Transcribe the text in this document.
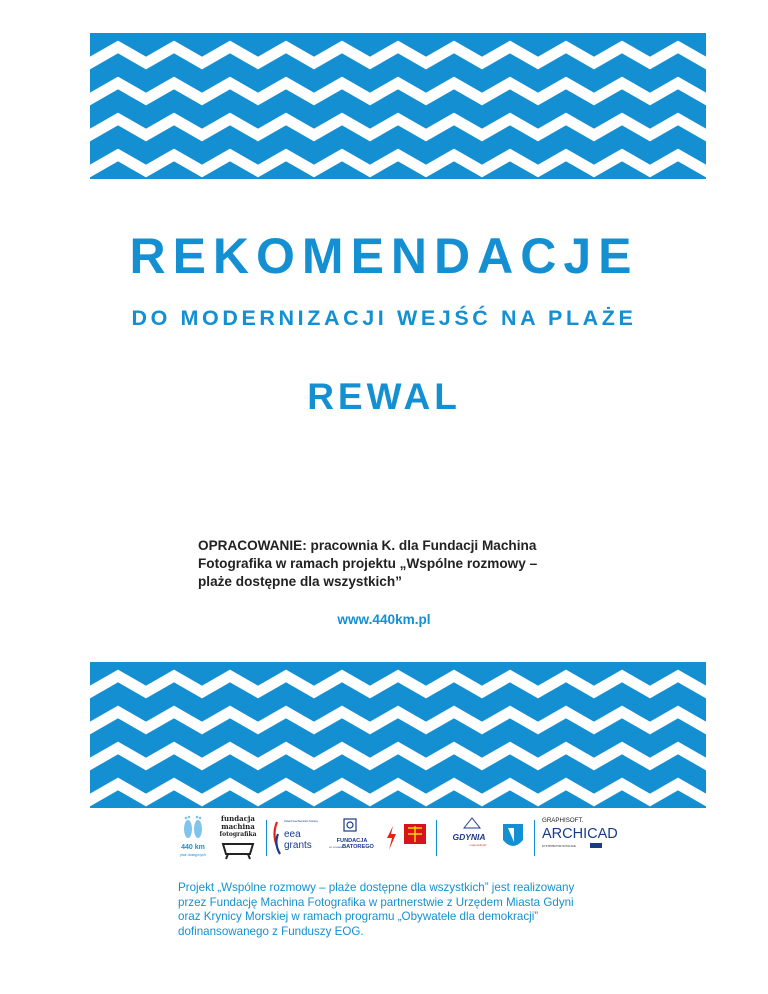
REKOMENDACJE
DO MODERNIZACJI WEJŚĆ NA PLAŻE
REWAL
OPRACOWANIE: pracownia K. dla Fundacji Machina
Fotografika w ramach projektu „Wspólne rozmowy –
plaże dostępne dla wszystkich”
www.440km.pl
440 km
plaż dostępnych
fundacja
machina
fotografika
Iceland Liechtenstein Norway
eea
grants	FUNDACJA
IM. STEFANA BATOREGO
GDYNIA
moja wolność
GRAPHISOFT.
ARCHICAD
DYSTRYBUTOR W POLSCE
Projekt „Wspólne rozmowy – plaże dostępne dla wszystkich” jest realizowany
przez Fundację Machina Fotografika w partnerstwie z Urzędem Miasta Gdyni
oraz Krynicy Morskiej w ramach programu „Obywatele dla demokracji”
dofinansowanego z Funduszy EOG.
